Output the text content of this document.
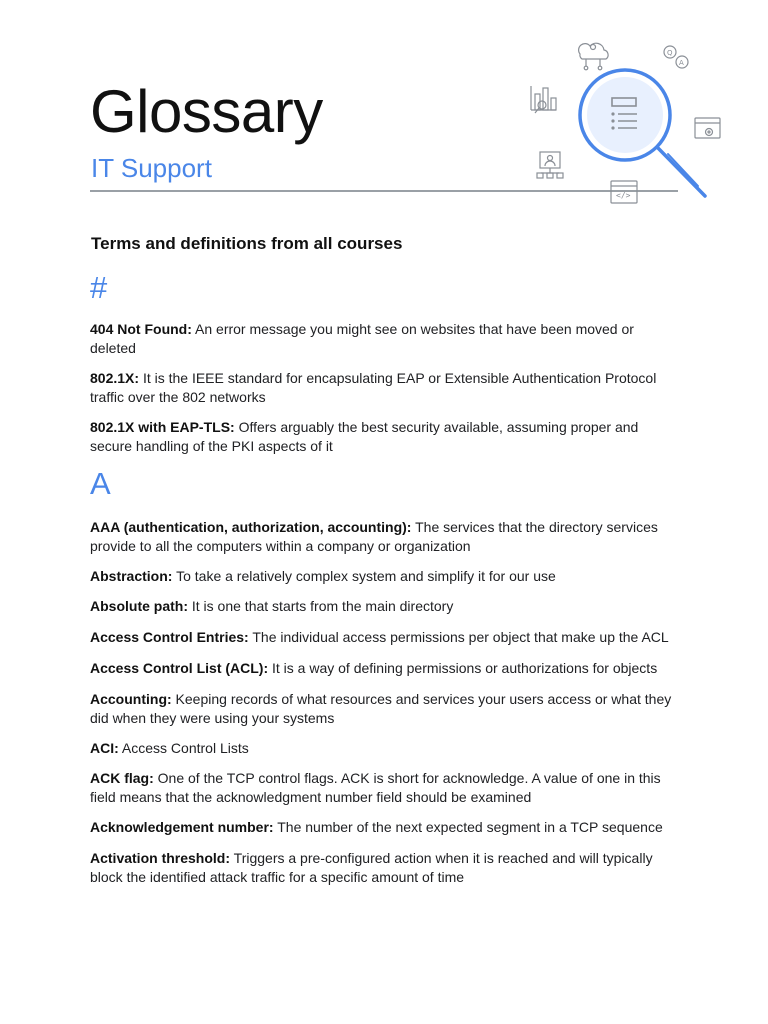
Glossary
IT Support
Q
A
</>
Terms and definitions from all courses
#

404 Not Found: An error message you might see on websites that have been moved or deleted

802.1X: It is the IEEE standard for encapsulating EAP or Extensible Authentication Protocol traffic over the 802 networks

802.1X with EAP-TLS: Offers arguably the best security available, assuming proper and secure handling of the PKI aspects of it

A

AAA (authentication, authorization, accounting): The services that the directory services provide to all the computers within a company or organization

Abstraction: To take a relatively complex system and simplify it for our use

Absolute path: It is one that starts from the main directory

Access Control Entries: The individual access permissions per object that make up the ACL

Access Control List (ACL): It is a way of defining permissions or authorizations for objects

Accounting: Keeping records of what resources and services your users access or what they did when they were using your systems

ACI: Access Control Lists

ACK flag: One of the TCP control flags. ACK is short for acknowledge. A value of one in this field means that the acknowledgment number field should be examined

Acknowledgement number: The number of the next expected segment in a TCP sequence

Activation threshold: Triggers a pre-configured action when it is reached and will typically block the identified attack traffic for a specific amount of time
